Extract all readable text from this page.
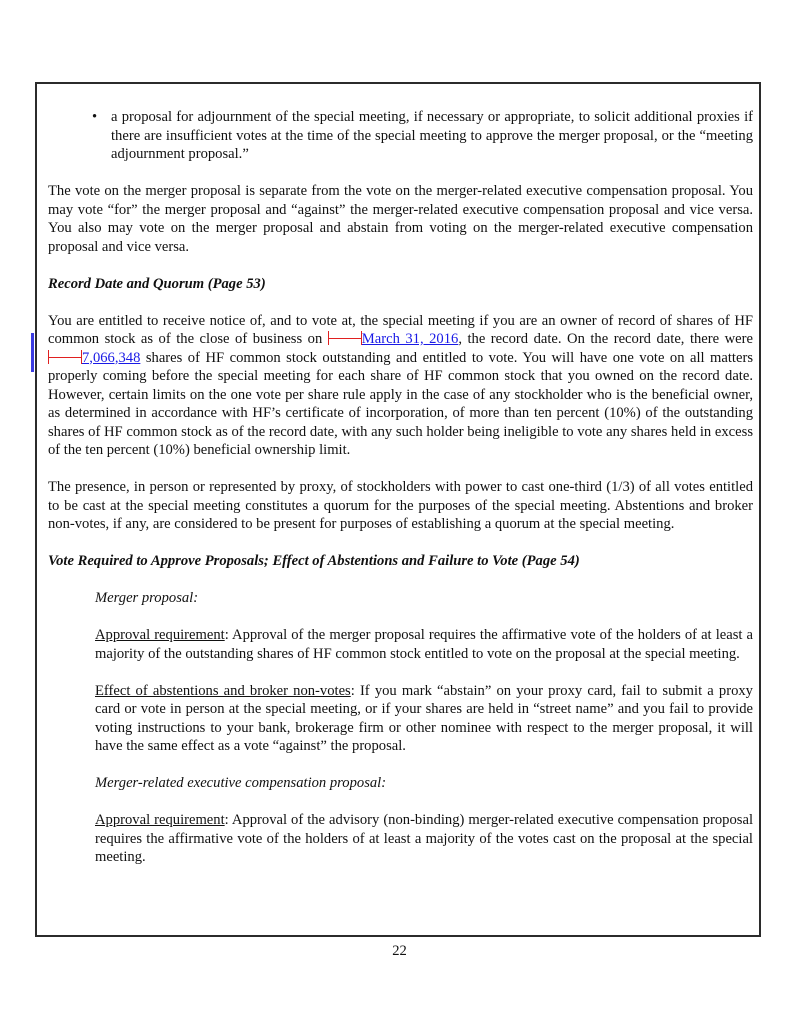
• a proposal for adjournment of the special meeting, if necessary or appropriate, to solicit additional proxies if there are insufficient votes at the time of the special meeting to approve the merger proposal, or the “meeting adjournment proposal.”

The vote on the merger proposal is separate from the vote on the merger-related executive compensation proposal. You may vote “for” the merger proposal and “against” the merger-related executive compensation proposal and vice versa. You also may vote on the merger proposal and abstain from voting on the merger-related executive compensation proposal and vice versa.

Record Date and Quorum (Page 53)

You are entitled to receive notice of, and to vote at, the special meeting if you are an owner of record of shares of HF common stock as of the close of business on March 31, 2016, the record date. On the record date, there were 7,066,348 shares of HF common stock outstanding and entitled to vote. You will have one vote on all matters properly coming before the special meeting for each share of HF common stock that you owned on the record date. However, certain limits on the one vote per share rule apply in the case of any stockholder who is the beneficial owner, as determined in accordance with HF’s certificate of incorporation, of more than ten percent (10%) of the outstanding shares of HF common stock as of the record date, with any such holder being ineligible to vote any shares held in excess of the ten percent (10%) beneficial ownership limit.

The presence, in person or represented by proxy, of stockholders with power to cast one-third (1/3) of all votes entitled to be cast at the special meeting constitutes a quorum for the purposes of the special meeting. Abstentions and broker non-votes, if any, are considered to be present for purposes of establishing a quorum at the special meeting.

Vote Required to Approve Proposals; Effect of Abstentions and Failure to Vote (Page 54)

Merger proposal:

Approval requirement: Approval of the merger proposal requires the affirmative vote of the holders of at least a majority of the outstanding shares of HF common stock entitled to vote on the proposal at the special meeting.

Effect of abstentions and broker non-votes: If you mark “abstain” on your proxy card, fail to submit a proxy card or vote in person at the special meeting, or if your shares are held in “street name” and you fail to provide voting instructions to your bank, brokerage firm or other nominee with respect to the merger proposal, it will have the same effect as a vote “against” the proposal.

Merger-related executive compensation proposal:

Approval requirement: Approval of the advisory (non-binding) merger-related executive compensation proposal requires the affirmative vote of the holders of at least a majority of the votes cast on the proposal at the special meeting.

22
